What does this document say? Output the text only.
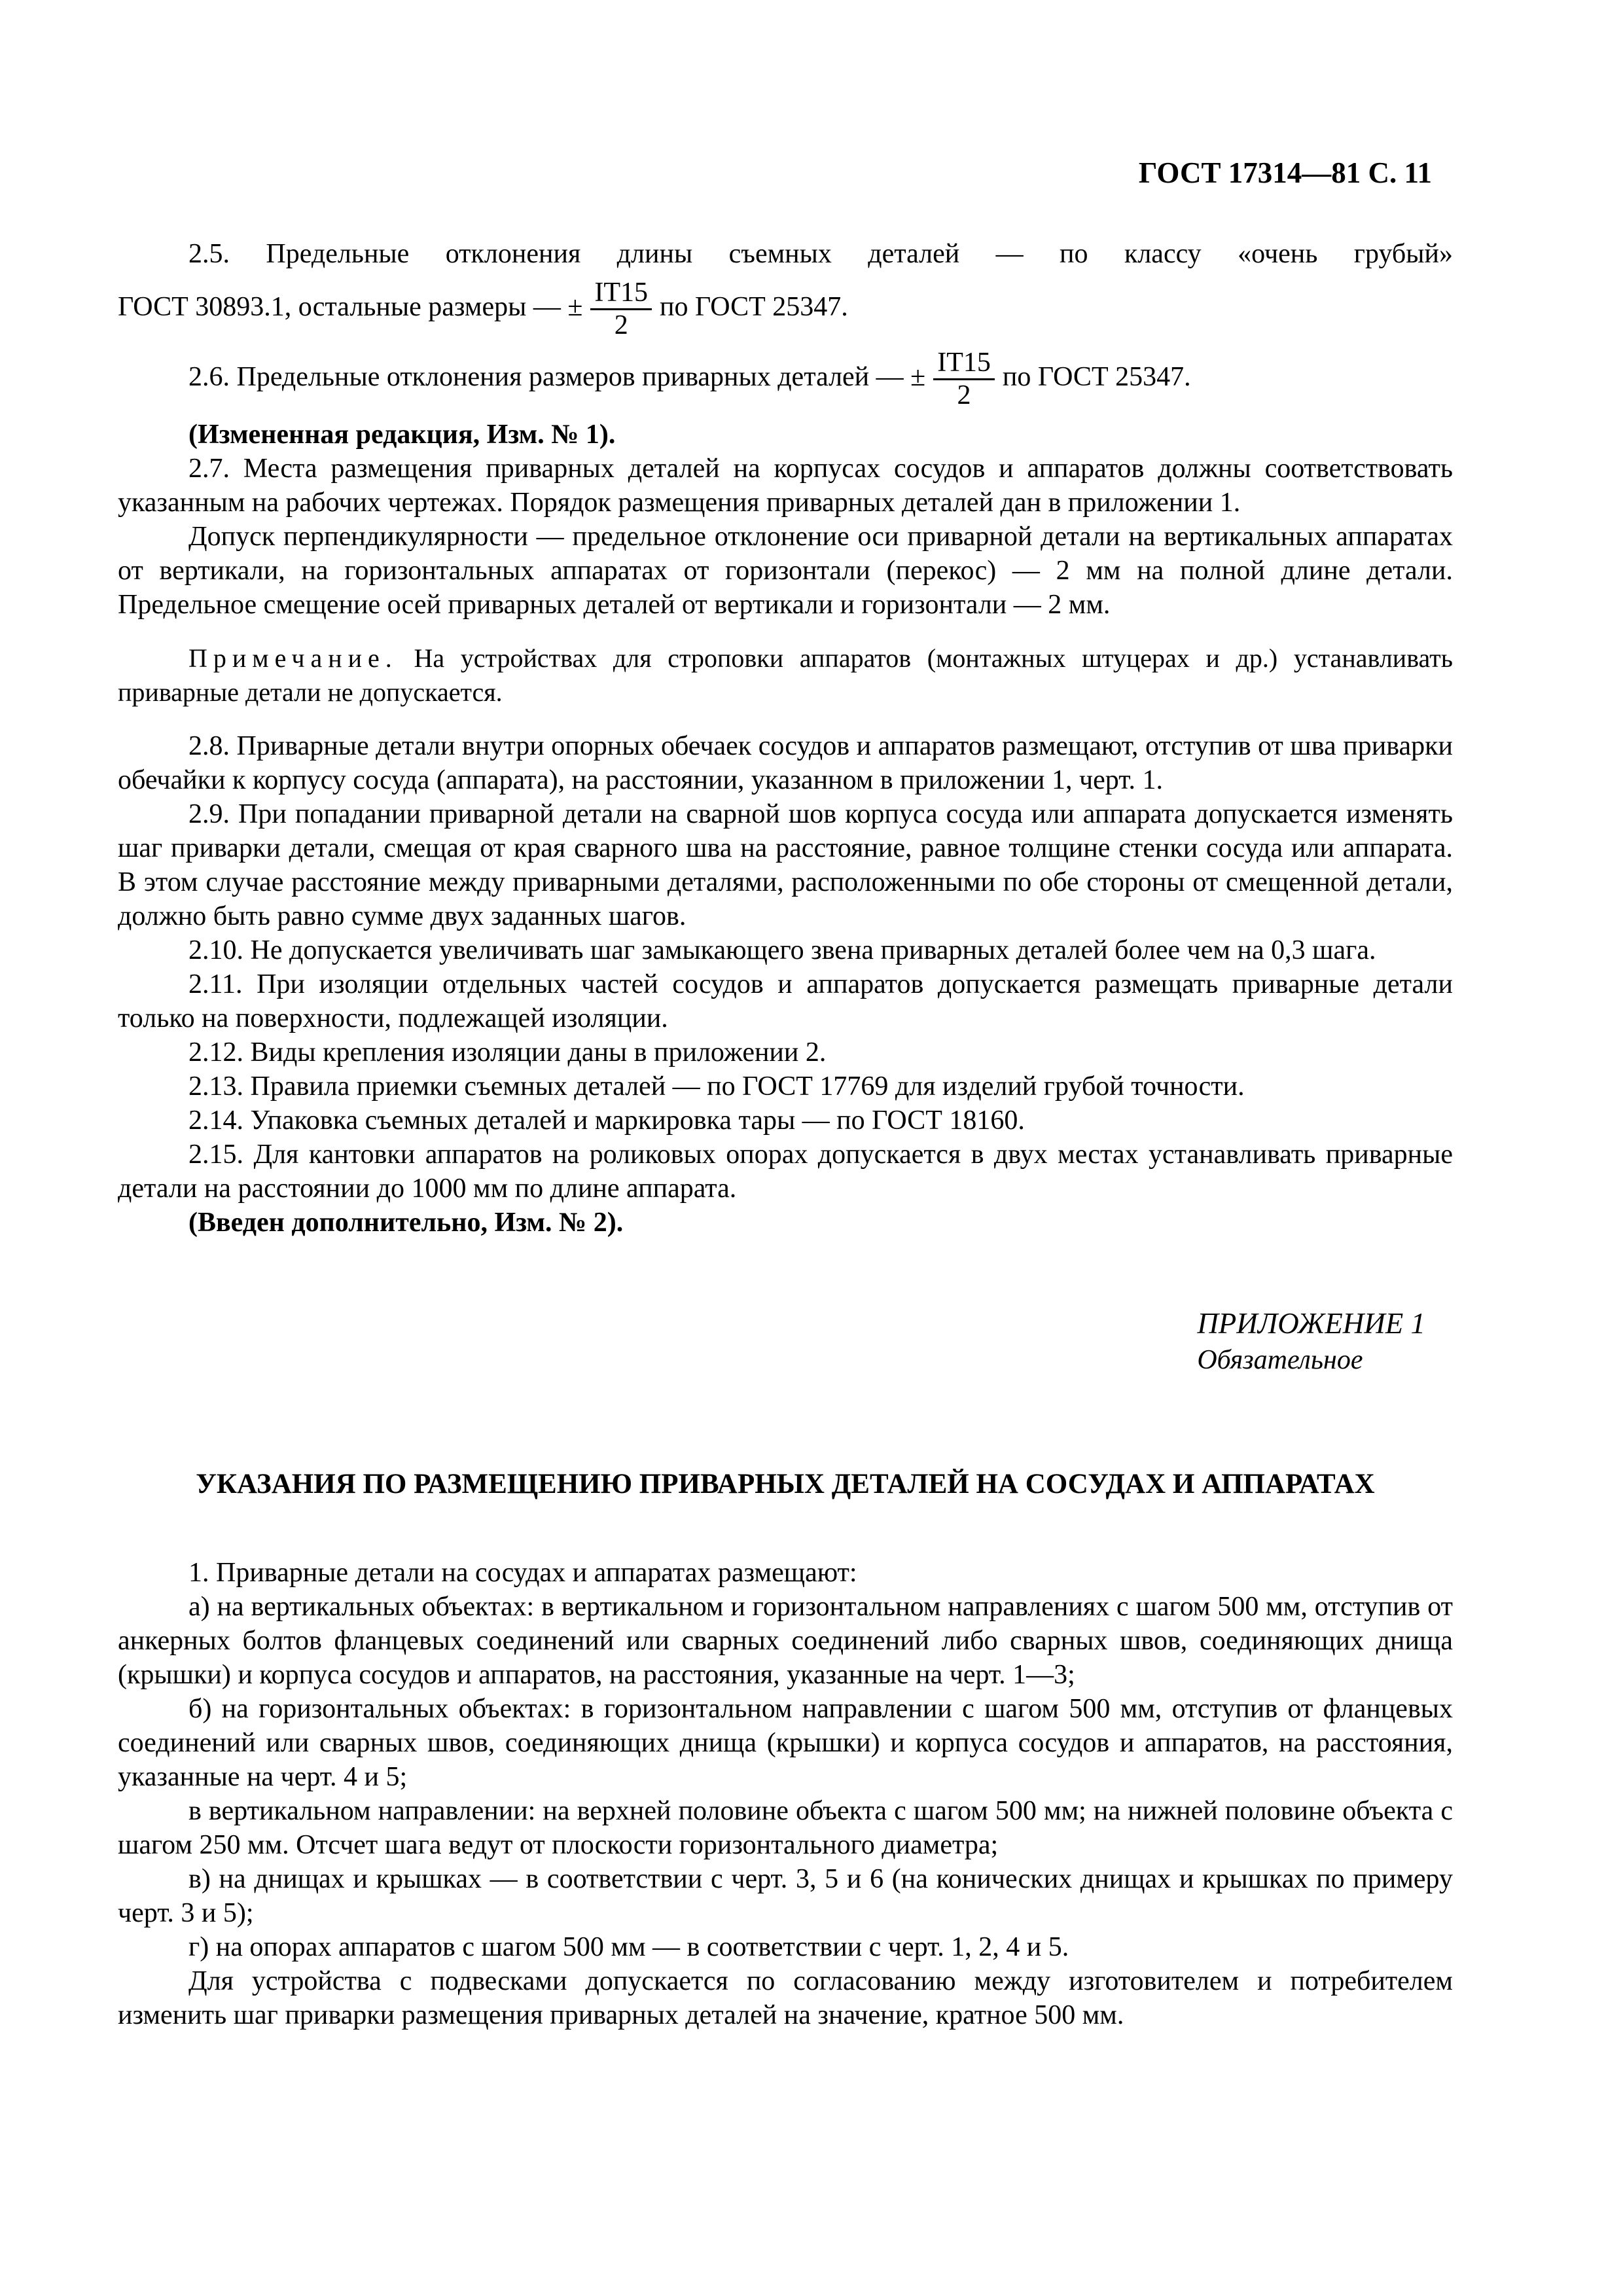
ГОСТ 17314—81 С. 11

2.5. Предельные отклонения длины съемных деталей — по классу «очень грубый»

ГОСТ 30893.1, остальные размеры — ± $\frac{IT15}{2}$ по ГОСТ 25347.

2.6. Предельные отклонения размеров приварных деталей — ± $\frac{IT15}{2}$ по ГОСТ 25347.

(Измененная редакция, Изм. № 1).

2.7. Места размещения приварных деталей на корпусах сосудов и аппаратов должны соответствовать указанным на рабочих чертежах. Порядок размещения приварных деталей дан в приложении 1.

Допуск перпендикулярности — предельное отклонение оси приварной детали на вертикальных аппаратах от вертикали, на горизонтальных аппаратах от горизонтали (перекос) — 2 мм на полной длине детали. Предельное смещение осей приварных деталей от вертикали и горизонтали — 2 мм.

Примечание. На устройствах для строповки аппаратов (монтажных штуцерах и др.) устанавливать приварные детали не допускается.

2.8. Приварные детали внутри опорных обечаек сосудов и аппаратов размещают, отступив от шва приварки обечайки к корпусу сосуда (аппарата), на расстоянии, указанном в приложении 1, черт. 1.

2.9. При попадании приварной детали на сварной шов корпуса сосуда или аппарата допускается изменять шаг приварки детали, смещая от края сварного шва на расстояние, равное толщине стенки сосуда или аппарата. В этом случае расстояние между приварными деталями, расположенными по обе стороны от смещенной детали, должно быть равно сумме двух заданных шагов.

2.10. Не допускается увеличивать шаг замыкающего звена приварных деталей более чем на 0,3 шага.

2.11. При изоляции отдельных частей сосудов и аппаратов допускается размещать приварные детали только на поверхности, подлежащей изоляции.

2.12. Виды крепления изоляции даны в приложении 2.

2.13. Правила приемки съемных деталей — по ГОСТ 17769 для изделий грубой точности.

2.14. Упаковка съемных деталей и маркировка тары — по ГОСТ 18160.

2.15. Для кантовки аппаратов на роликовых опорах допускается в двух местах устанавливать приварные детали на расстоянии до 1000 мм по длине аппарата.

(Введен дополнительно, Изм. № 2).

ПРИЛОЖЕНИЕ 1
Обязательное

УКАЗАНИЯ ПО РАЗМЕЩЕНИЮ ПРИВАРНЫХ ДЕТАЛЕЙ НА СОСУДАХ И АППАРАТАХ

1. Приварные детали на сосудах и аппаратах размещают:

а) на вертикальных объектах: в вертикальном и горизонтальном направлениях с шагом 500 мм, отступив от анкерных болтов фланцевых соединений или сварных соединений либо сварных швов, соединяющих днища (крышки) и корпуса сосудов и аппаратов, на расстояния, указанные на черт. 1—3;

б) на горизонтальных объектах: в горизонтальном направлении с шагом 500 мм, отступив от фланцевых соединений или сварных швов, соединяющих днища (крышки) и корпуса сосудов и аппаратов, на расстояния, указанные на черт. 4 и 5;

в вертикальном направлении: на верхней половине объекта с шагом 500 мм; на нижней половине объекта с шагом 250 мм. Отсчет шага ведут от плоскости горизонтального диаметра;

в) на днищах и крышках — в соответствии с черт. 3, 5 и 6 (на конических днищах и крышках по примеру черт. 3 и 5);

г) на опорах аппаратов с шагом 500 мм — в соответствии с черт. 1, 2, 4 и 5.

Для устройства с подвесками допускается по согласованию между изготовителем и потребителем изменить шаг приварки размещения приварных деталей на значение, кратное 500 мм.
